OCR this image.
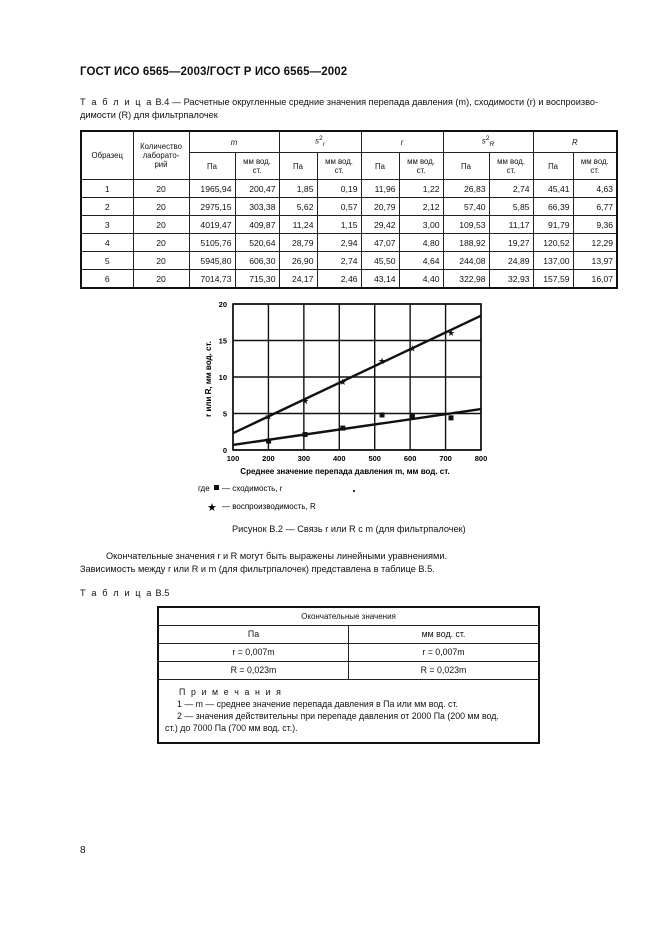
ГОСТ ИСО 6565—2003/ГОСТ Р ИСО 6565—2002
Т а б л и ц а В.4 — Расчетные округленные средние значения перепада давления (m), сходимости (r) и воспроизво-
димости (R) для фильтрпалочек
Образец	Количество лаборато-рий	m		$s^2_r$		r		$s^2_R$		R	
		Па	мм вод. ст.	Па	мм вод. ст.	Па	мм вод. ст.	Па	мм вод. ст.	Па	мм вод. ст.
1	20	1965,94	200,47	1,85	0,19	11,96	1,22	26,83	2,74	45,41	4,63
2	20	2975,15	303,38	5,62	0,57	20,79	2,12	57,40	5,85	66,39	6,77
3	20	4019,47	409,87	11,24	1,15	29,42	3,00	109,53	11,17	91,79	9,36
4	20	5105,76	520,64	28,79	2,94	47,07	4,80	188,92	19,27	120,52	12,29
5	20	5945,80	606,30	26,90	2,74	45,50	4,64	244,08	24,89	137,00	13,97
6	20	7014,73	715,30	24,17	2,46	43,14	4,40	322,98	32,93	157,59	16,07
★
★
★
★
★
★
100	200	300	400	500	600	700	800
0
5
10
15
20
Среднее значение перепада давления m, мм вод. ст.
r или R, мм вод. ст.
где — сходимость, r
★ — воспроизводимость, R
Рисунок В.2 — Связь r или R с m (для фильтрпалочек)
Окончательные значения r и R могут быть выражены линейными уравнениями.
Зависимость между r или R и m (для фильтрпалочек) представлена в таблице В.5.
Т а б л и ц а В.5
Окончательные значения
Па	мм вод. ст.
r = 0,007m	r = 0,007m
R = 0,023m	R = 0,023m
П р и м е ч а н и я
1 — m — среднее значение перепада давления в Па или мм вод. ст.
2 — значения действительны при перепаде давления от 2000 Па (200 мм вод.
ст.) до 7000 Па (700 мм вод. ст.).
8
